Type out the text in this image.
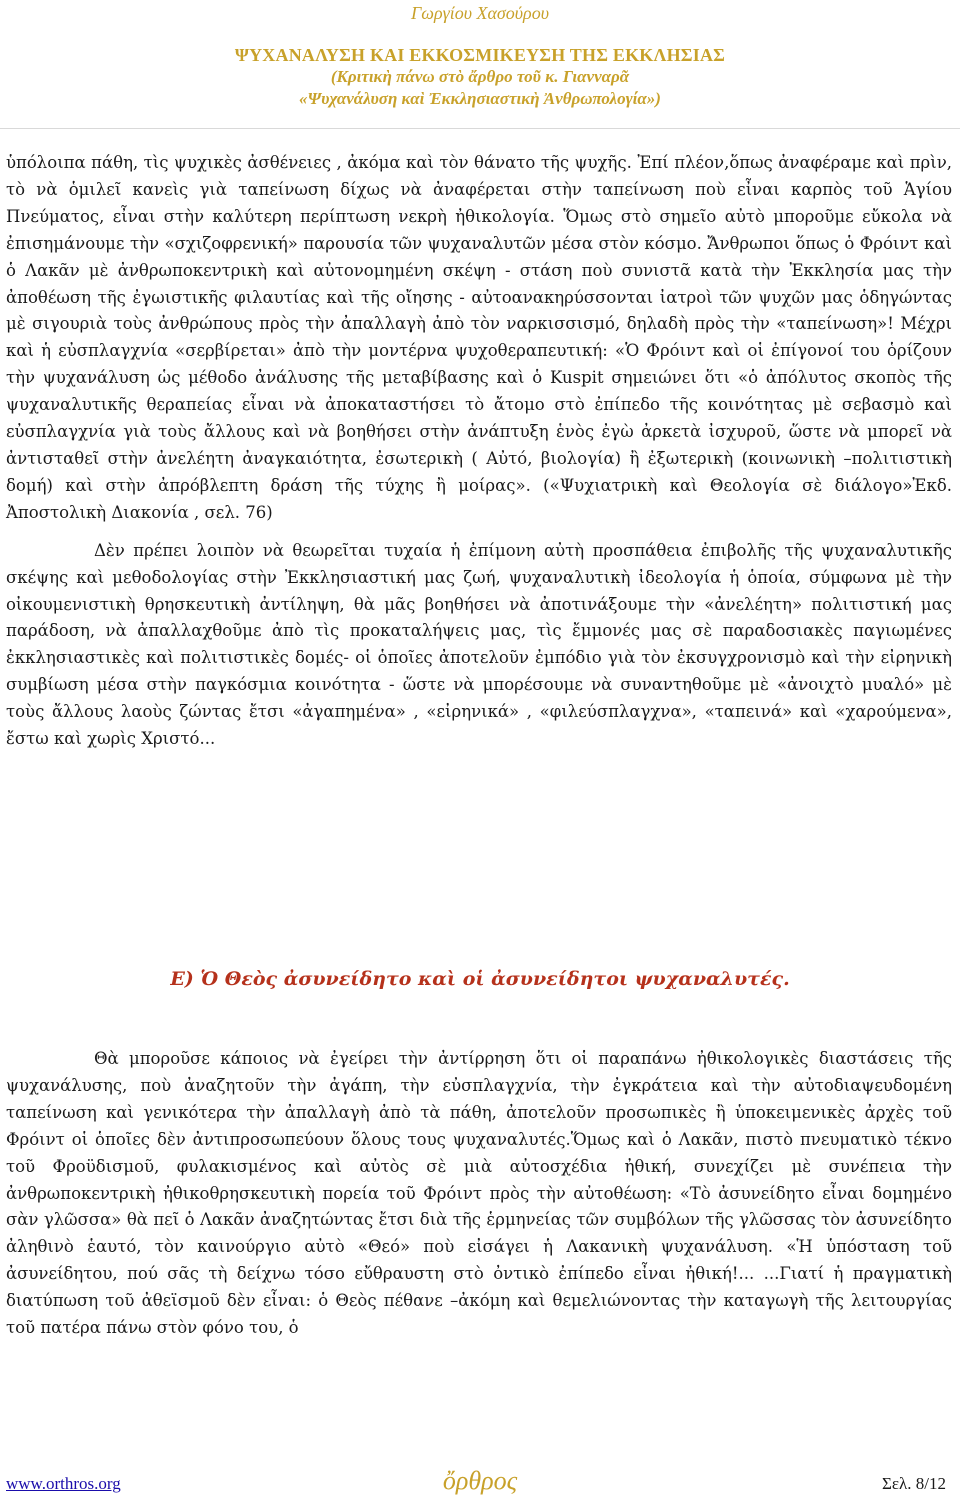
Γωργίου Χασούρου
ΨΥΧΑΝΑΛΥΣΗ ΚΑΙ ΕΚΚΟΣΜΙΚΕΥΣΗ ΤΗΣ ΕΚΚΛΗΣΙΑΣ
(Κριτικὴ πάνω στὸ ἄρθρο τοῦ κ. Γιανναρᾶ
«Ψυχανάλυση καὶ Ἐκκλησιαστικὴ Ἀνθρωπολογία»)

ὑπόλοιπα πάθη, τὶς ψυχικὲς ἀσθένειες , ἀκόμα καὶ τὸν θάνατο τῆς ψυχῆς. Ἐπί πλέον,ὅπως ἀναφέραμε καὶ πρὶν, τὸ νὰ ὁμιλεῖ κανεὶς γιὰ ταπείνωση δίχως νὰ ἀναφέρεται στὴν ταπείνωση ποὺ εἶναι καρπὸς τοῦ Ἁγίου Πνεύματος, εἶναι στὴν καλύτερη περίπτωση νεκρὴ ἠθικολογία. Ὅμως στὸ σημεῖο αὐτὸ μποροῦμε εὔκολα νὰ ἐπισημάνουμε τὴν «σχιζοφρενική» παρουσία τῶν ψυχαναλυτῶν μέσα στὸν κόσμο. Ἄνθρωποι ὅπως ὁ Φρόιντ καὶ ὁ Λακᾶν μὲ ἀνθρωποκεντρικὴ καὶ αὐτονομημένη σκέψη - στάση ποὺ συνιστᾶ κατὰ τὴν Ἐκκλησία μας τὴν ἀποθέωση τῆς ἐγωιστικῆς φιλαυτίας καὶ τῆς οἴησης - αὐτοανακηρύσσονται ἰατροὶ τῶν ψυχῶν μας ὁδηγώντας μὲ σιγουριὰ τοὺς ἀνθρώπους πρὸς τὴν ἀπαλλαγὴ ἀπὸ τὸν ναρκισσισμό, δηλαδὴ πρὸς τὴν «ταπείνωση»! Μέχρι καὶ ἡ εὐσπλαγχνία «σερβίρεται» ἀπὸ τὴν μοντέρνα ψυχοθεραπευτική: «Ὁ Φρόιντ καὶ οἱ ἐπίγονοί του ὁρίζουν τὴν ψυχανάλυση ὡς μέθοδο ἀνάλυσης τῆς μεταβίβασης καὶ ὁ Kuspit σημειώνει ὅτι «ὁ ἀπόλυτος σκοπὸς τῆς ψυχαναλυτικῆς θεραπείας εἶναι νὰ ἀποκαταστήσει τὸ ἄτομο στὸ ἐπίπεδο τῆς κοινότητας μὲ σεβασμὸ καὶ εὐσπλαγχνία γιὰ τοὺς ἄλλους καὶ νὰ βοηθήσει στὴν ἀνάπτυξη ἑνὸς ἐγὼ ἀρκετὰ ἰσχυροῦ, ὥστε νὰ μπορεῖ νὰ ἀντισταθεῖ στὴν ἀνελέητη ἀναγκαιότητα, ἐσωτερικὴ ( Αὐτό, βιολογία) ἢ ἐξωτερικὴ (κοινωνικὴ –πολιτιστικὴ δομή) καὶ στὴν ἀπρόβλεπτη δράση τῆς τύχης ἢ μοίρας». («Ψυχιατρικὴ καὶ Θεολογία σὲ διάλογο»Ἐκδ. Ἀποστολικὴ Διακονία , σελ. 76)

Δὲν πρέπει λοιπὸν νὰ θεωρεῖται τυχαία ἡ ἐπίμονη αὐτὴ προσπάθεια ἐπιβολῆς τῆς ψυχαναλυτικῆς σκέψης καὶ μεθοδολογίας στὴν Ἐκκλησιαστική μας ζωή, ψυχαναλυτικὴ ἰδεολογία ἡ ὁποία, σύμφωνα μὲ τὴν οἰκουμενιστικὴ θρησκευτικὴ ἀντίληψη, θὰ μᾶς βοηθήσει νὰ ἀποτινάξουμε τὴν «ἀνελέητη» πολιτιστική μας παράδοση, νὰ ἀπαλλαχθοῦμε ἀπὸ τὶς προκαταλήψεις μας, τὶς ἔμμονές μας σὲ παραδοσιακὲς παγιωμένες ἐκκλησιαστικὲς καὶ πολιτιστικὲς δομές- οἱ ὁποῖες ἀποτελοῦν ἐμπόδιο γιὰ τὸν ἐκσυγχρονισμὸ καὶ τὴν εἰρηνικὴ συμβίωση μέσα στὴν παγκόσμια κοινότητα - ὥστε νὰ μπορέσουμε νὰ συναντηθοῦμε μὲ «ἀνοιχτὸ μυαλό» μὲ τοὺς ἄλλους λαοὺς ζώντας ἔτσι «ἀγαπημένα» , «εἰρηνικά» , «φιλεύσπλαγχνα», «ταπεινά» καὶ «χαρούμενα», ἔστω καὶ χωρὶς Χριστό...

Ε) Ὁ Θεὸς ἀσυνείδητο καὶ οἱ ἀσυνείδητοι ψυχαναλυτές.

Θὰ μποροῦσε κάποιος νὰ ἐγείρει τὴν ἀντίρρηση ὅτι οἱ παραπάνω ἠθικολογικὲς διαστάσεις τῆς ψυχανάλυσης, ποὺ ἀναζητοῦν τὴν ἀγάπη, τὴν εὐσπλαγχνία, τὴν ἐγκράτεια καὶ τὴν αὐτοδιαψευδομένη ταπείνωση καὶ γενικότερα τὴν ἀπαλλαγὴ ἀπὸ τὰ πάθη, ἀποτελοῦν προσωπικὲς ἢ ὑποκειμενικὲς ἀρχὲς τοῦ Φρόιντ οἱ ὁποῖες δὲν ἀντιπροσωπεύουν ὅλους τους ψυχαναλυτές.Ὅμως καὶ ὁ Λακᾶν, πιστὸ πνευματικὸ τέκνο τοῦ Φροϋδισμοῦ, φυλακισμένος καὶ αὐτὸς σὲ μιὰ αὐτοσχέδια ἠθική, συνεχίζει μὲ συνέπεια τὴν ἀνθρωποκεντρικὴ ἠθικοθρησκευτικὴ πορεία τοῦ Φρόιντ πρὸς τὴν αὐτοθέωση: «Τὸ ἀσυνείδητο εἶναι δομημένο σὰν γλῶσσα» θὰ πεῖ ὁ Λακᾶν ἀναζητώντας ἔτσι διὰ τῆς ἑρμηνείας τῶν συμβόλων τῆς γλῶσσας τὸν ἀσυνείδητο ἀληθινὸ ἑαυτό, τὸν καινούργιο αὐτὸ «Θεό» ποὺ εἰσάγει ἡ Λακανικὴ ψυχανάλυση. «Ἡ ὑπόσταση τοῦ ἀσυνείδητου, πού σᾶς τὴ δείχνω τόσο εὔθραυστη στὸ ὀντικὸ ἐπίπεδο εἶναι ἠθική!... ...Γιατί ἡ πραγματικὴ διατύπωση τοῦ ἀθεϊσμοῦ δὲν εἶναι: ὁ Θεὸς πέθανε –ἀκόμη καὶ θεμελιώνοντας τὴν καταγωγὴ τῆς λειτουργίας τοῦ πατέρα πάνω στὸν φόνο του, ὁ

www.orthros.org	ὄρθρος	Σελ. 8/12
